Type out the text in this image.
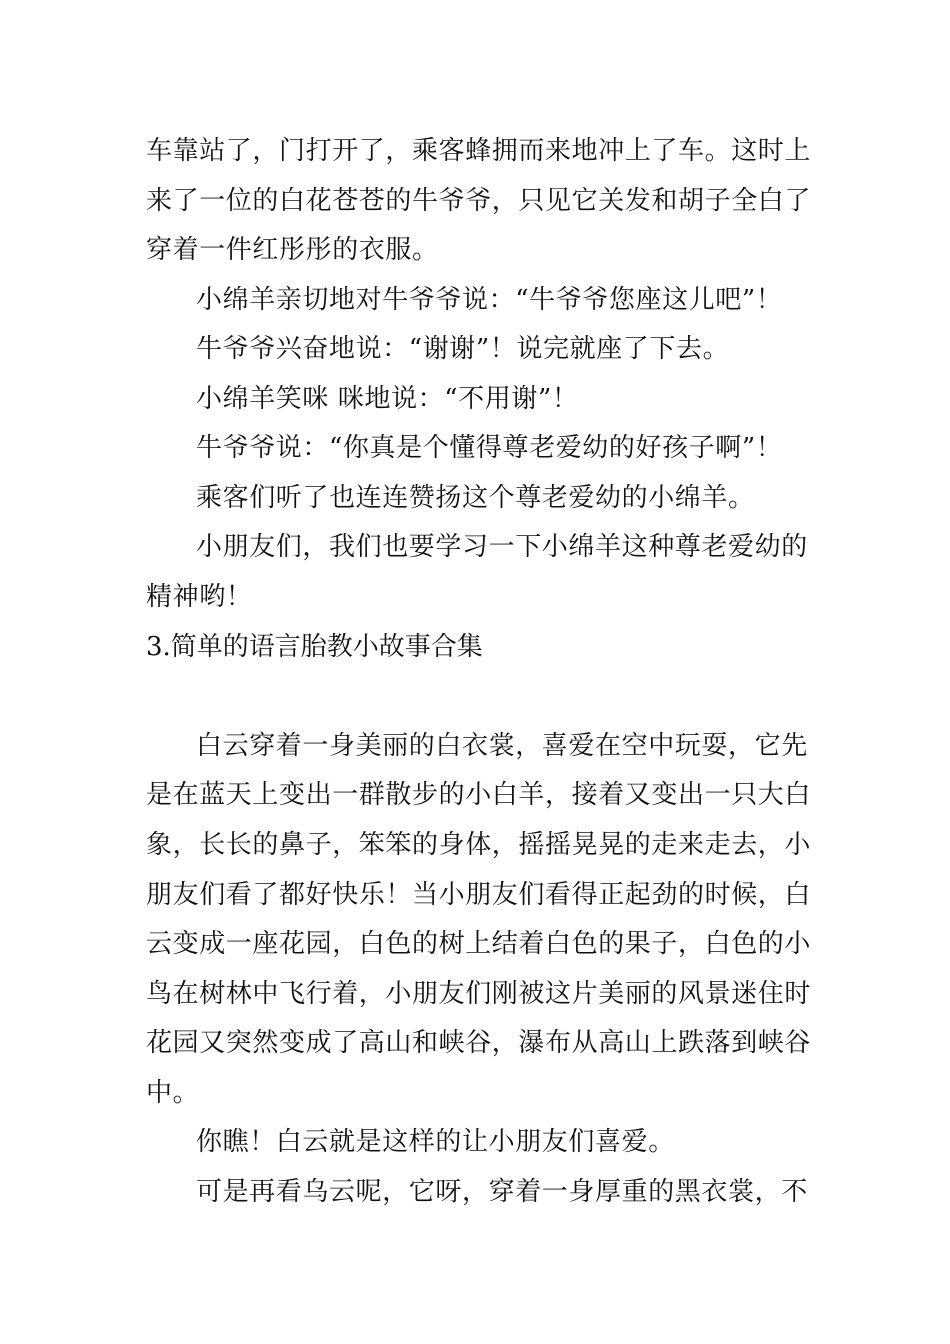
车靠站了，门打开了，乘客蜂拥而来地冲上了车。这时上
来了一位的白花苍苍的牛爷爷，只见它关发和胡子全白了
穿着一件红彤彤的衣服。
小绵羊亲切地对牛爷爷说：“牛爷爷您座这儿吧”！
牛爷爷兴奋地说：“谢谢”！说完就座了下去。
小绵羊笑咪 咪地说：“不用谢”！
牛爷爷说：“你真是个懂得尊老爱幼的好孩子啊”！
乘客们听了也连连赞扬这个尊老爱幼的小绵羊。
小朋友们，我们也要学习一下小绵羊这种尊老爱幼的
精神哟！
3.简单的语言胎教小故事合集
白云穿着一身美丽的白衣裳，喜爱在空中玩耍，它先
是在蓝天上变出一群散步的小白羊，接着又变出一只大白
象，长长的鼻子，笨笨的身体，摇摇晃晃的走来走去，小
朋友们看了都好快乐！当小朋友们看得正起劲的时候，白
云变成一座花园，白色的树上结着白色的果子，白色的小
鸟在树林中飞行着，小朋友们刚被这片美丽的风景迷住时
花园又突然变成了高山和峡谷，瀑布从高山上跌落到峡谷
中。
你瞧！白云就是这样的让小朋友们喜爱。
可是再看乌云呢，它呀，穿着一身厚重的黑衣裳，不
